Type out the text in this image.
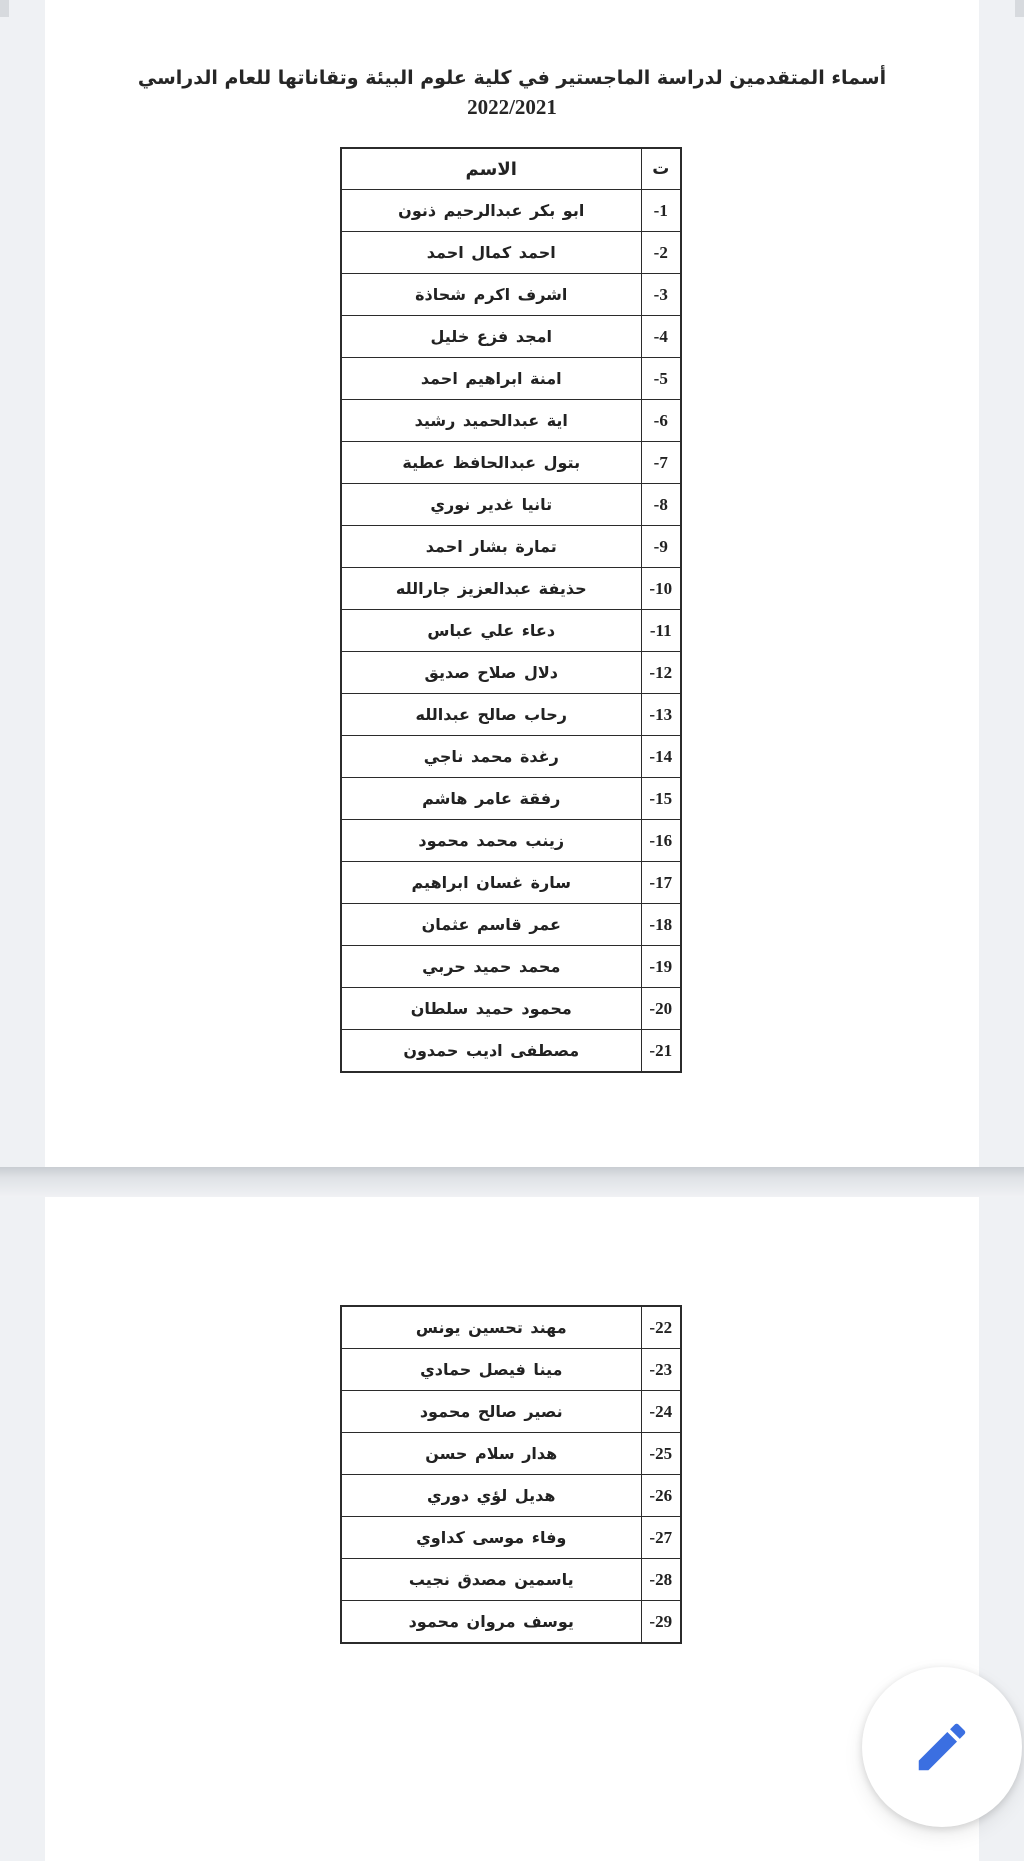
أسماء المتقدمين لدراسة الماجستير في كلية علوم البيئة وتقاناتها للعام الدراسي
2022/2021
ت	الاسم
-1	ابو بكر عبدالرحيم ذنون
-2	احمد كمال احمد
-3	اشرف اكرم شحاذة
-4	امجد فزع خليل
-5	امنة ابراهيم احمد
-6	اية عبدالحميد رشيد
-7	بتول عبدالحافظ عطية
-8	تانيا غدير نوري
-9	تمارة بشار احمد
-10	حذيفة عبدالعزيز جارالله
-11	دعاء علي عباس
-12	دلال صلاح صديق
-13	رحاب صالح عبدالله
-14	رغدة محمد ناجي
-15	رفقة عامر هاشم
-16	زينب محمد محمود
-17	سارة غسان ابراهيم
-18	عمر قاسم عثمان
-19	محمد حميد حربي
-20	محمود حميد سلطان
-21	مصطفى اديب حمدون
-22	مهند تحسين يونس
-23	مينا فيصل حمادي
-24	نصير صالح محمود
-25	هدار سلام حسن
-26	هديل لؤي دوري
-27	وفاء موسى كداوي
-28	ياسمين مصدق نجيب
-29	يوسف مروان محمود
